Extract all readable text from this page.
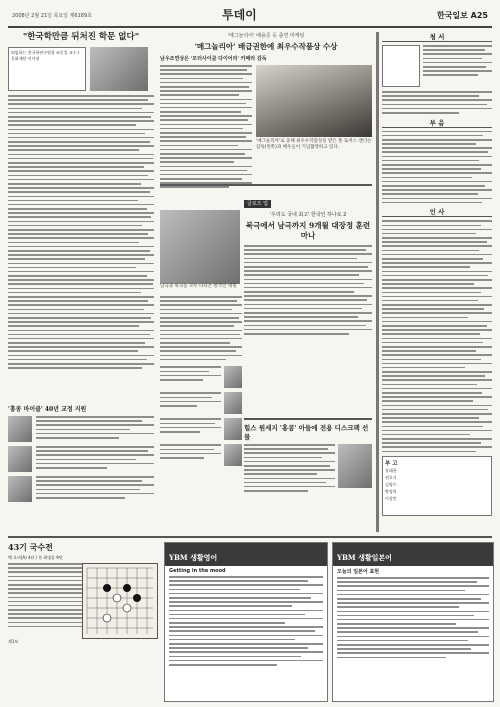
2008년 2월 21일 목요일 제6189호	투데이	한국일보 A25
"한국학만큼 뒤처진 학문 없다"
퇴임하는 한국학연구원장 조동일 교수 / 문화재단 이사장
'홍콩 마이클' 40년 교정 지원
'매그놀리아' 배용준 등 출연 마케팅
'매그놀리아' 배급권한에 최우수작품상 수상
남우조연상은 '모터사이클 다이어리' 카메라 감독
'매그놀리아'로 올해 최우수작품상을 받은 폴 토머스 앤더슨 감독(왼쪽)과 배우들이 기념촬영하고 있다.
글로즈 업
'우리도 국내 최고' 한국인 하나로 2
북극에서 남극까지 9개월 대장정 훈련마나
남극과 북극을 모두 다녀온 한국인 대원
힐스 원세지 '홍콩' 아들에 전용 디스크팩 선물
청 서
부 음
인 사
부 고
강태용
권오기
김영수
박정희
이상민
43기 국수전
백 오비(A) 4단 / 흑 최명훈 9단
제1보
YBM 생활영어
Getting in the mood
YBM 생활일본어
오늘의 일본어 표현
